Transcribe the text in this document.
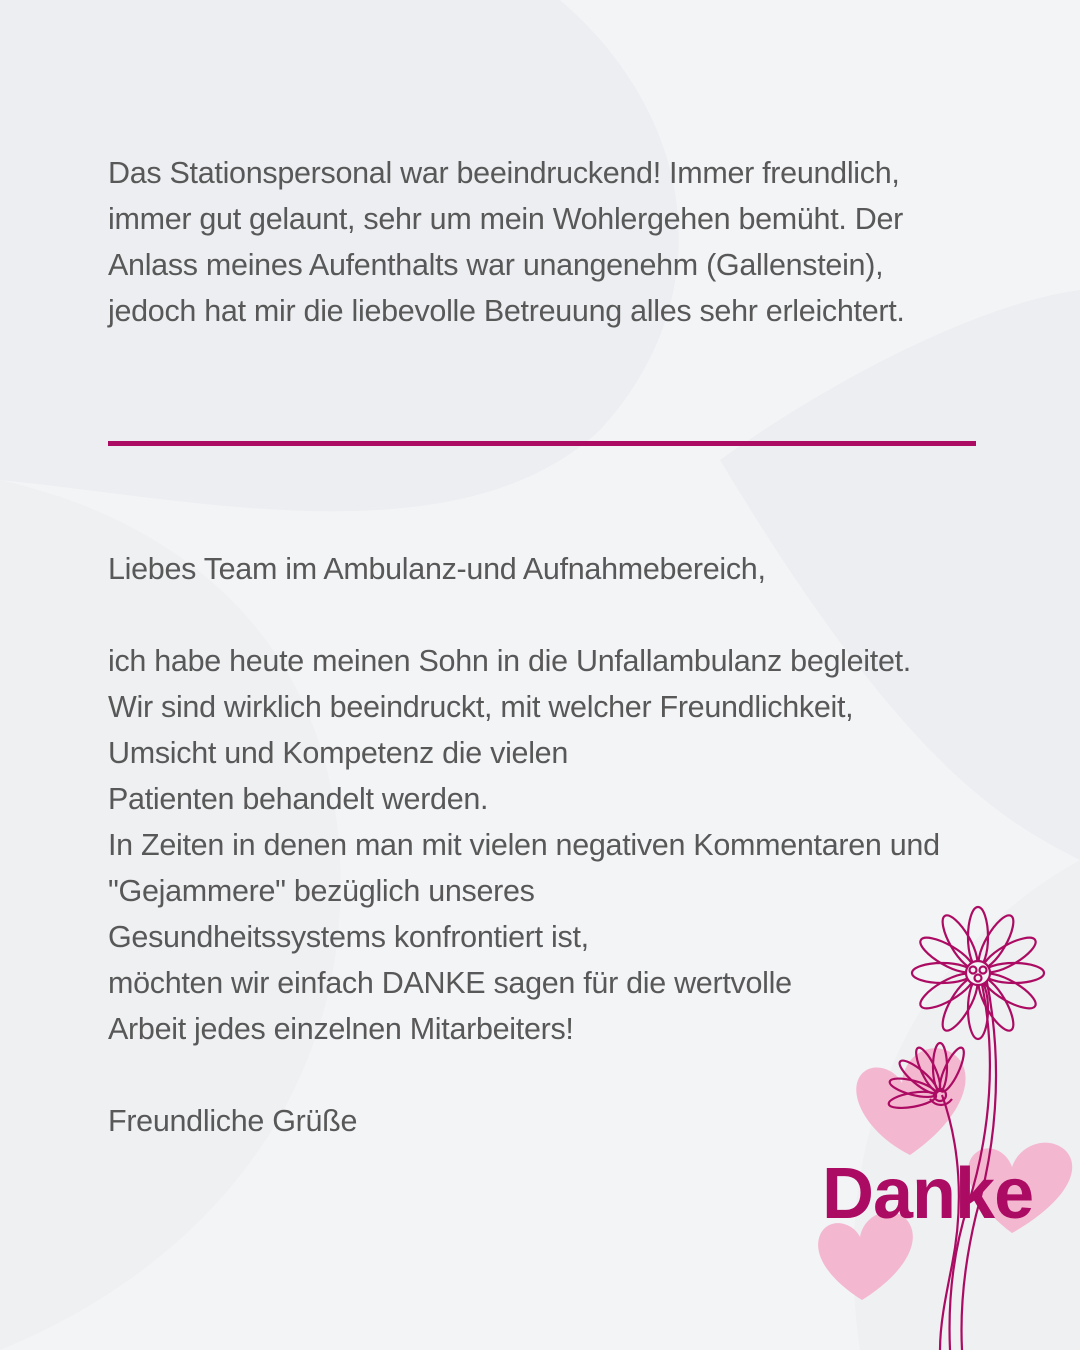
Das Stationspersonal war beeindruckend! Immer freundlich,
immer gut gelaunt, sehr um mein Wohlergehen bemüht. Der
Anlass meines Aufenthalts war unangenehm (Gallenstein),
jedoch hat mir die liebevolle Betreuung alles sehr erleichtert.

Liebes Team im Ambulanz-und Aufnahmebereich,

ich habe heute meinen Sohn in die Unfallambulanz begleitet.

Wir sind wirklich beeindruckt, mit welcher Freundlichkeit,

Umsicht und Kompetenz die vielen

Patienten behandelt werden.

In Zeiten in denen man mit vielen negativen Kommentaren und

"Gejammere" bezüglich unseres

Gesundheitssystems konfrontiert ist,

möchten wir einfach DANKE sagen für die wertvolle

Arbeit jedes einzelnen Mitarbeiters!

Freundliche Grüße

Danke
